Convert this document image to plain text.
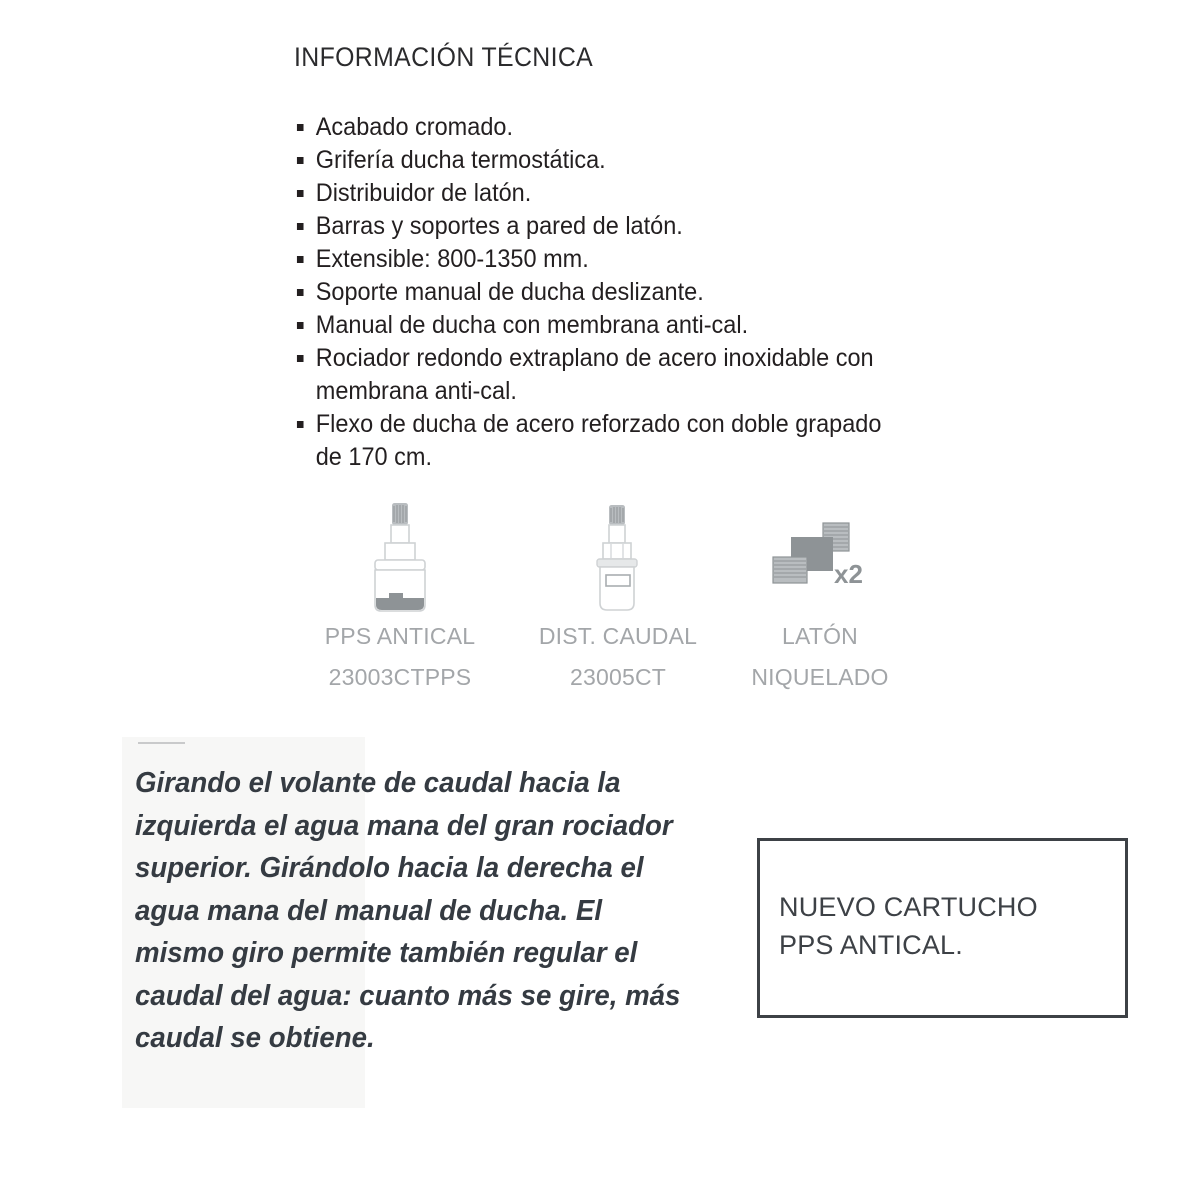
INFORMACIÓN TÉCNICA
Acabado cromado.
Grifería ducha termostática.
Distribuidor de latón.
Barras y soportes a pared de latón.
Extensible: 800-1350 mm.
Soporte manual de ducha deslizante.
Manual de ducha con membrana anti-cal.
Rociador redondo extraplano de acero inoxidable con membrana anti-cal.
Flexo de ducha de acero reforzado con doble grapado de 170 cm.
PPS ANTICAL
23003CTPPS
DIST. CAUDAL
23005CT
x2
LATÓN
NIQUELADO
Girando el volante de caudal hacia la izquierda el agua mana del gran rociador superior. Girándolo hacia la derecha el agua mana del manual de ducha. El mismo giro permite también regular el caudal del agua: cuanto más se gire, más caudal se obtiene.
NUEVO CARTUCHO
PPS ANTICAL.
